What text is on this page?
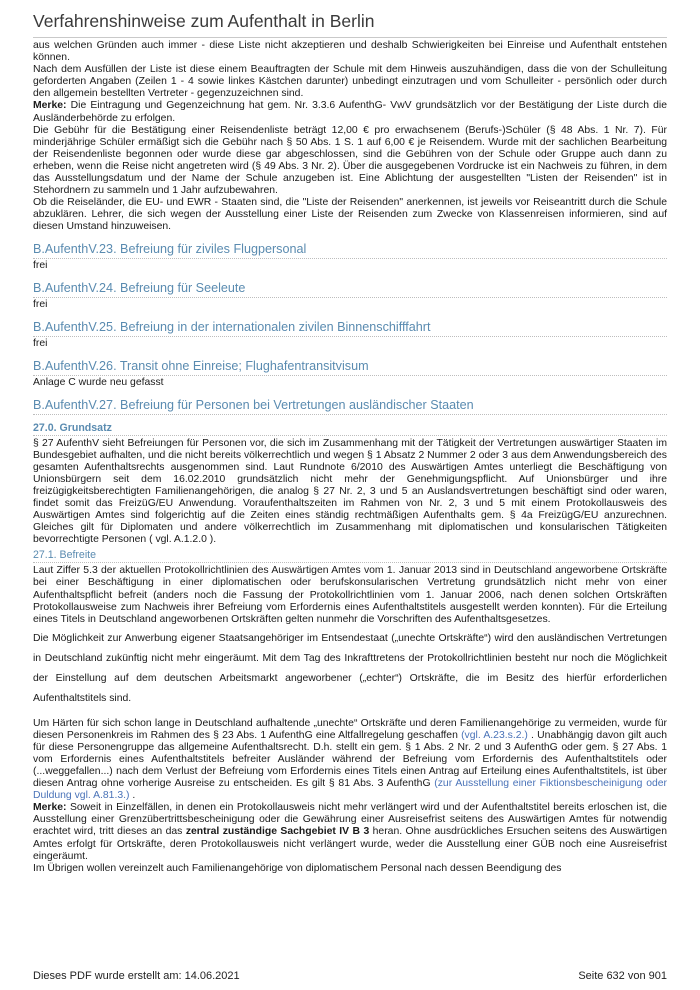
Verfahrenshinweise zum Aufenthalt in Berlin

aus welchen Gründen auch immer - diese Liste nicht akzeptieren und deshalb Schwierigkeiten bei Einreise und Aufenthalt entstehen können.

Nach dem Ausfüllen der Liste ist diese einem Beauftragten der Schule mit dem Hinweis auszuhändigen, dass die von der Schulleitung geforderten Angaben (Zeilen 1 - 4 sowie linkes Kästchen darunter) unbedingt einzutragen und vom Schulleiter - persönlich oder durch den allgemein bestellten Vertreter - gegenzuzeichnen sind.

Merke: Die Eintragung und Gegenzeichnung hat gem. Nr. 3.3.6 AufenthG- VwV grundsätzlich vor der Bestätigung der Liste durch die Ausländerbehörde zu erfolgen.

Die Gebühr für die Bestätigung einer Reisendenliste beträgt 12,00 € pro erwachsenem (Berufs-)Schüler (§ 48 Abs. 1 Nr. 7). Für minderjährige Schüler ermäßigt sich die Gebühr nach § 50 Abs. 1 S. 1 auf 6,00 € je Reisendem. Wurde mit der sachlichen Bearbeitung der Reisendenliste begonnen oder wurde diese gar abgeschlossen, sind die Gebühren von der Schule oder Gruppe auch dann zu erheben, wenn die Reise nicht angetreten wird (§ 49 Abs. 3 Nr. 2). Über die ausgegebenen Vordrucke ist ein Nachweis zu führen, in dem das Ausstellungsdatum und der Name der Schule anzugeben ist. Eine Ablichtung der ausgestellten "Listen der Reisenden" ist in Stehordnern zu sammeln und 1 Jahr aufzubewahren.

Ob die Reiseländer, die EU- und EWR - Staaten sind, die "Liste der Reisenden" anerkennen, ist jeweils vor Reiseantritt durch die Schule abzuklären. Lehrer, die sich wegen der Ausstellung einer Liste der Reisenden zum Zwecke von Klassenreisen informieren, sind auf diesen Umstand hinzuweisen.

B.AufenthV.23. Befreiung für ziviles Flugpersonal

frei

B.AufenthV.24. Befreiung für Seeleute

frei

B.AufenthV.25. Befreiung in der internationalen zivilen Binnenschifffahrt

frei

B.AufenthV.26. Transit ohne Einreise; Flughafentransitvisum

Anlage C wurde neu gefasst

B.AufenthV.27. Befreiung für Personen bei Vertretungen ausländischer Staaten
27.0. Grundsatz

§ 27 AufenthV sieht Befreiungen für Personen vor, die sich im Zusammenhang mit der Tätigkeit der Vertretungen auswärtiger Staaten im Bundesgebiet aufhalten, und die nicht bereits völkerrechtlich und wegen § 1 Absatz 2 Nummer 2 oder 3 aus dem Anwendungsbereich des gesamten Aufenthaltsrechts ausgenommen sind. Laut Rundnote 6/2010 des Auswärtigen Amtes unterliegt die Beschäftigung von Unionsbürgern seit dem 16.02.2010 grundsätzlich nicht mehr der Genehmigungspflicht. Auf Unionsbürger und ihre freizügigkeitsberechtigten Familienangehörigen, die analog § 27 Nr. 2, 3 und 5 an Auslandsvertretungen beschäftigt sind oder waren, findet somit das FreizüG/EU Anwendung. Voraufenthaltszeiten im Rahmen von Nr. 2, 3 und 5 mit einem Protokollausweis des Auswärtigen Amtes sind folgerichtig auf die Zeiten eines ständig rechtmäßigen Aufenthalts gem. § 4a FreizügG/EU anzurechnen. Gleiches gilt für Diplomaten und andere völkerrechtlich im Zusammenhang mit diplomatischen und konsularischen Tätigkeiten bevorrechtigte Personen ( vgl. A.1.2.0 ).

27.1. Befreite

Laut Ziffer 5.3 der aktuellen Protokollrichtlinien des Auswärtigen Amtes vom 1. Januar 2013 sind in Deutschland angeworbene Ortskräfte bei einer Beschäftigung in einer diplomatischen oder berufskonsularischen Vertretung grundsätzlich nicht mehr von einer Aufenthaltspflicht befreit (anders noch die Fassung der Protokollrichtlinien vom 1. Januar 2006, nach denen solchen Ortskräften Protokollausweise zum Nachweis ihrer Befreiung vom Erfordernis eines Aufenthaltstitels ausgestellt werden konnten). Für die Erteilung eines Titels in Deutschland angeworbenen Ortskräften gelten nunmehr die Vorschriften des Aufenthaltsgesetzes.

Die Möglichkeit zur Anwerbung eigener Staatsangehöriger im Entsendestaat („unechte Ortskräfte“) wird den ausländischen Vertretungen in Deutschland zukünftig nicht mehr eingeräumt. Mit dem Tag des Inkrafttretens der Protokollrichtlinien besteht nur noch die Möglichkeit der Einstellung auf dem deutschen Arbeitsmarkt angeworbener („echter“) Ortskräfte, die im Besitz des hierfür erforderlichen Aufenthaltstitels sind.

Um Härten für sich schon lange in Deutschland aufhaltende „unechte“ Ortskräfte und deren Familienangehörige zu vermeiden, wurde für diesen Personenkreis im Rahmen des § 23 Abs. 1 AufenthG eine Altfallregelung geschaffen (vgl. A.23.s.2.) . Unabhängig davon gilt auch für diese Personengruppe das allgemeine Aufenthaltsrecht. D.h. stellt ein gem. § 1 Abs. 2 Nr. 2 und 3 AufenthG oder gem. § 27 Abs. 1 vom Erfordernis eines Aufenthaltstitels befreiter Ausländer während der Befreiung vom Erfordernis des Aufenthaltstitels oder (...weggefallen...) nach dem Verlust der Befreiung vom Erfordernis eines Titels einen Antrag auf Erteilung eines Aufenthaltstitels, ist über diesen Antrag ohne vorherige Ausreise zu entscheiden. Es gilt § 81 Abs. 3 AufenthG (zur Ausstellung einer Fiktionsbescheinigung oder Duldung vgl. A.81.3.) .

Merke: Soweit in Einzelfällen, in denen ein Protokollausweis nicht mehr verlängert wird und der Aufenthaltstitel bereits erloschen ist, die Ausstellung einer Grenzübertrittsbescheinigung oder die Gewährung einer Ausreisefrist seitens des Auswärtigen Amtes für notwendig erachtet wird, tritt dieses an das zentral zuständige Sachgebiet IV B 3 heran. Ohne ausdrückliches Ersuchen seitens des Auswärtigen Amtes erfolgt für Ortskräfte, deren Protokollausweis nicht verlängert wurde, weder die Ausstellung einer GÜB noch eine Ausreisefrist eingeräumt.

Im Übrigen wollen vereinzelt auch Familienangehörige von diplomatischem Personal nach dessen Beendigung des

Dieses PDF wurde erstellt am: 14.06.2021	Seite 632 von 901
